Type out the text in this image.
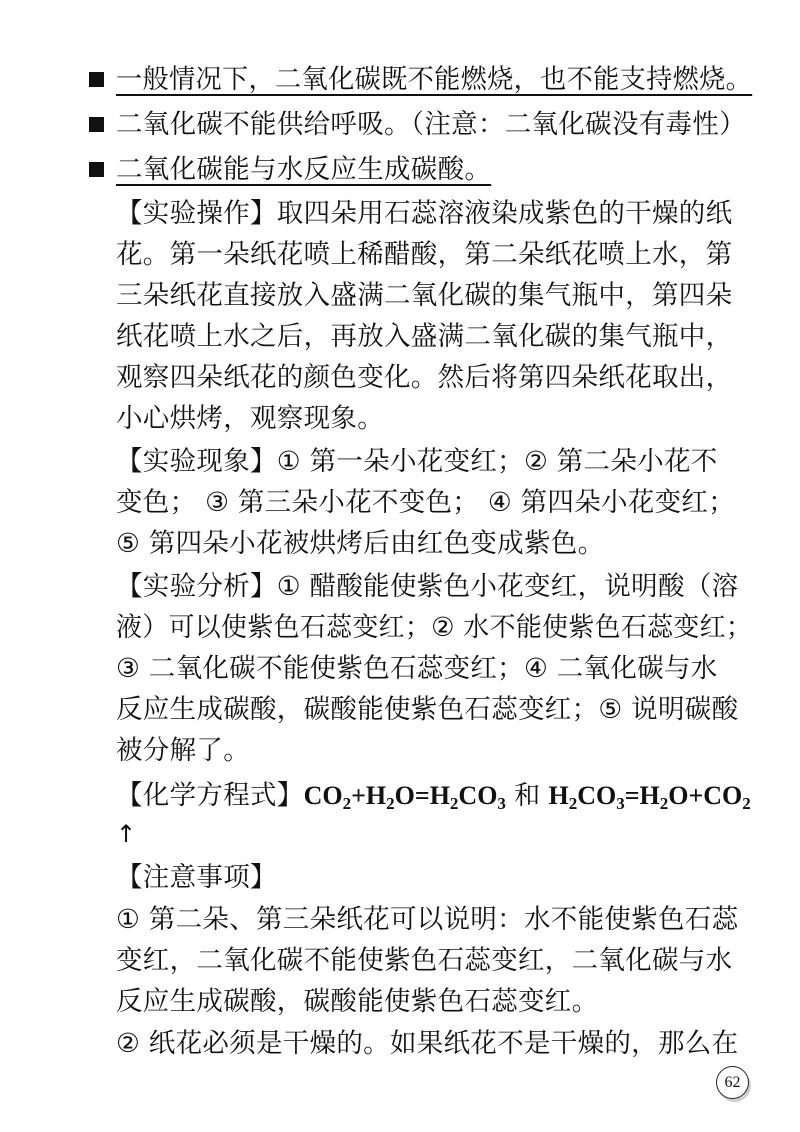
一般情况下，二氧化碳既不能燃烧，也不能支持燃烧。
二氧化碳不能供给呼吸。（注意：二氧化碳没有毒性）
二氧化碳能与水反应生成碳酸。
【实验操作】取四朵用石蕊溶液染成紫色的干燥的纸
花。第一朵纸花喷上稀醋酸，第二朵纸花喷上水，第
三朵纸花直接放入盛满二氧化碳的集气瓶中，第四朵
纸花喷上水之后，再放入盛满二氧化碳的集气瓶中，
观察四朵纸花的颜色变化。然后将第四朵纸花取出，
小心烘烤，观察现象。
【实验现象】① 第一朵小花变红；② 第二朵小花不
变色； ③ 第三朵小花不变色； ④ 第四朵小花变红；
⑤ 第四朵小花被烘烤后由红色变成紫色。
【实验分析】① 醋酸能使紫色小花变红，说明酸（溶
液）可以使紫色石蕊变红；② 水不能使紫色石蕊变红；
③ 二氧化碳不能使紫色石蕊变红；④ 二氧化碳与水
反应生成碳酸，碳酸能使紫色石蕊变红；⑤ 说明碳酸
被分解了。
【化学方程式】$CO_2+H_2O=H_2CO_3$ 和 $H_2CO_3=H_2O+CO_2$
↑
【注意事项】
① 第二朵、第三朵纸花可以说明：水不能使紫色石蕊
变红，二氧化碳不能使紫色石蕊变红，二氧化碳与水
反应生成碳酸，碳酸能使紫色石蕊变红。
② 纸花必须是干燥的。如果纸花不是干燥的，那么在
62
